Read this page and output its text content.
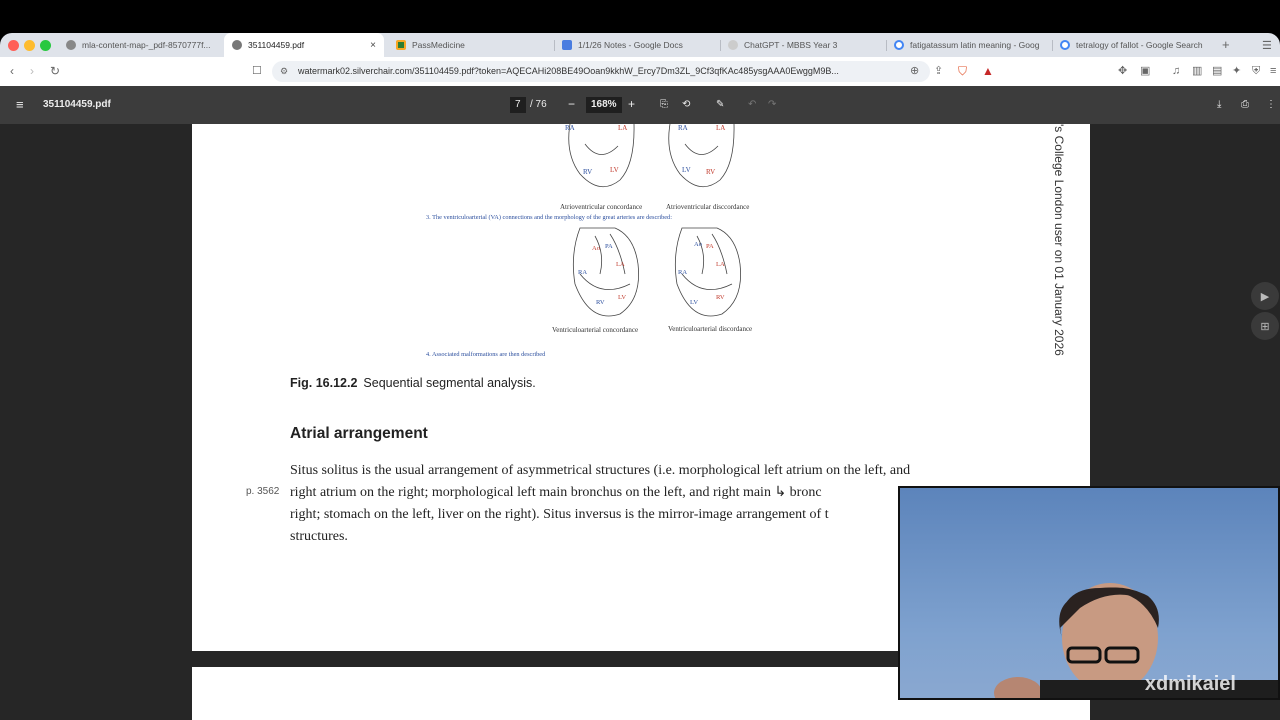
mla-content-map-_pdf-8570777f...	351104459.pdf	×	PassMedicine	1/1/26 Notes - Google Docs	ChatGPT - MBBS Year 3	fatigatassum latin meaning - Goog	tetralogy of fallot - Google Search +	☰
‹ › ↻	☐ ⚙ watermark02.silverchair.com/351104459.pdf?token=AQECAHi208BE49Ooan9kkhW_Ercy7Dm3ZL_9Cf3qfKAc485ysgAAA0EwggM9B...	⊕ ⇪ ⛉ ▲	✥ ▣ ♫ ▥ ▤ ✦ ⛨ ≡
≡ 351104459.pdf	7 / 76 −	168% + ⎘ ⟲	✎ ↶ ↷	⤓ ⎙ ⋮
RA	LA
RV	LV
RA	LA
LV RV
Atrioventricular concordance	Atrioventricular disccordance
3. The ventriculoarterial (VA) connections and the morphology of the great arteries are described:
Ao PA
RA
LA
RV
LV
Ao PA
RA
LA
LV
RV
Ventriculoarterial concordance	Ventriculoarterial discordance
4. Associated malformations are then described
Fig. 16.12.2 Sequential segmental analysis.
Atrial arrangement
p. 3562
Situs solitus is the usual arrangement of asymmetrical structures (i.e. morphological left atrium on the left, and
right atrium on the right; morphological left main bronchus on the left, and right main ↳ bronc
right; stomach on the left, liver on the right). Situs inversus is the mirror-image arrangement of t
structures.
's College London user on 01 January 2026	▶
⊞
xdmikaiel
